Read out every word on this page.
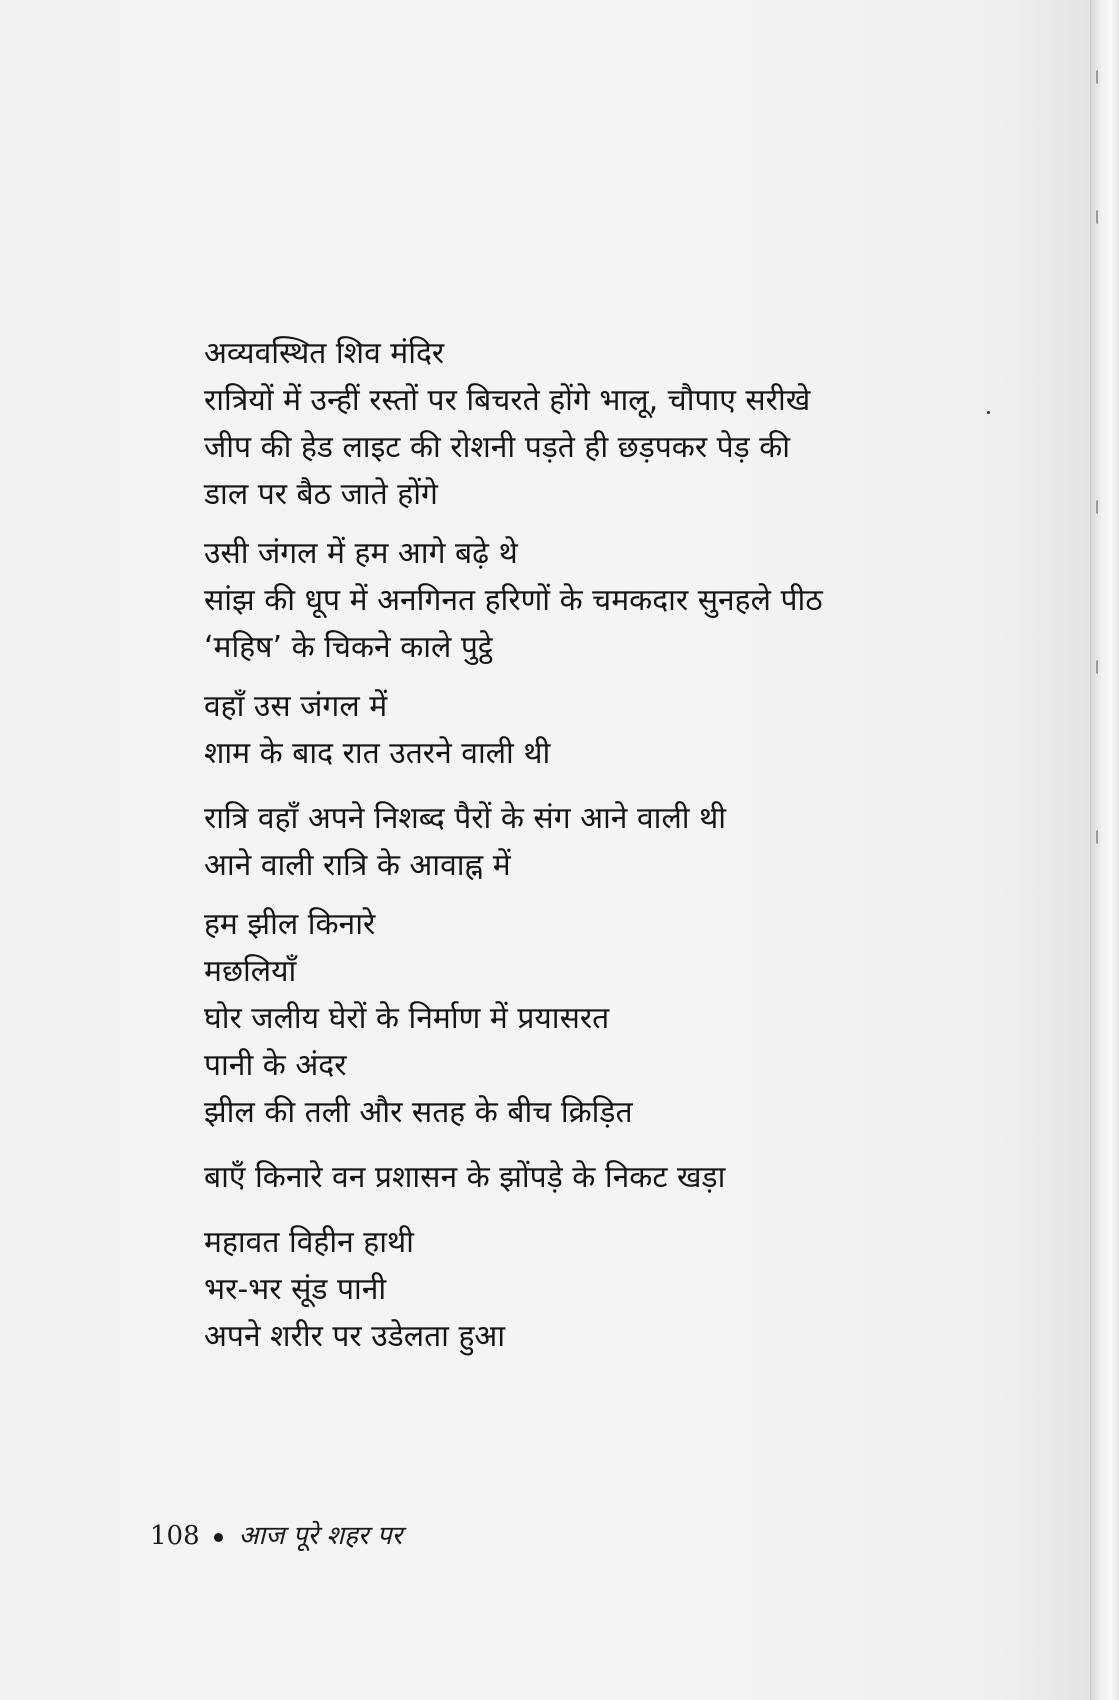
अव्यवस्थित शिव मंदिर
रात्रियों में उन्हीं रस्तों पर बिचरते होंगे भालू, चौपाए सरीखे
जीप की हेड लाइट की रोशनी पड़ते ही छड़पकर पेड़ की
डाल पर बैठ जाते होंगे
उसी जंगल में हम आगे बढ़े थे
सांझ की धूप में अनगिनत हरिणों के चमकदार सुनहले पीठ
‘महिष’ के चिकने काले पुट्ठे
वहाँ उस जंगल में
शाम के बाद रात उतरने वाली थी
रात्रि वहाँ अपने निशब्द पैरों के संग आने वाली थी
आने वाली रात्रि के आवाह्न में
हम झील किनारे
मछलियाँ
घोर जलीय घेरों के निर्माण में प्रयासरत
पानी के अंदर
झील की तली और सतह के बीच क्रिड़ित
बाएँ किनारे वन प्रशासन के झोंपड़े के निकट खड़ा
महावत विहीन हाथी
भर-भर सूंड पानी
अपने शरीर पर उडेलता हुआ
108 आज पूरे शहर पर
